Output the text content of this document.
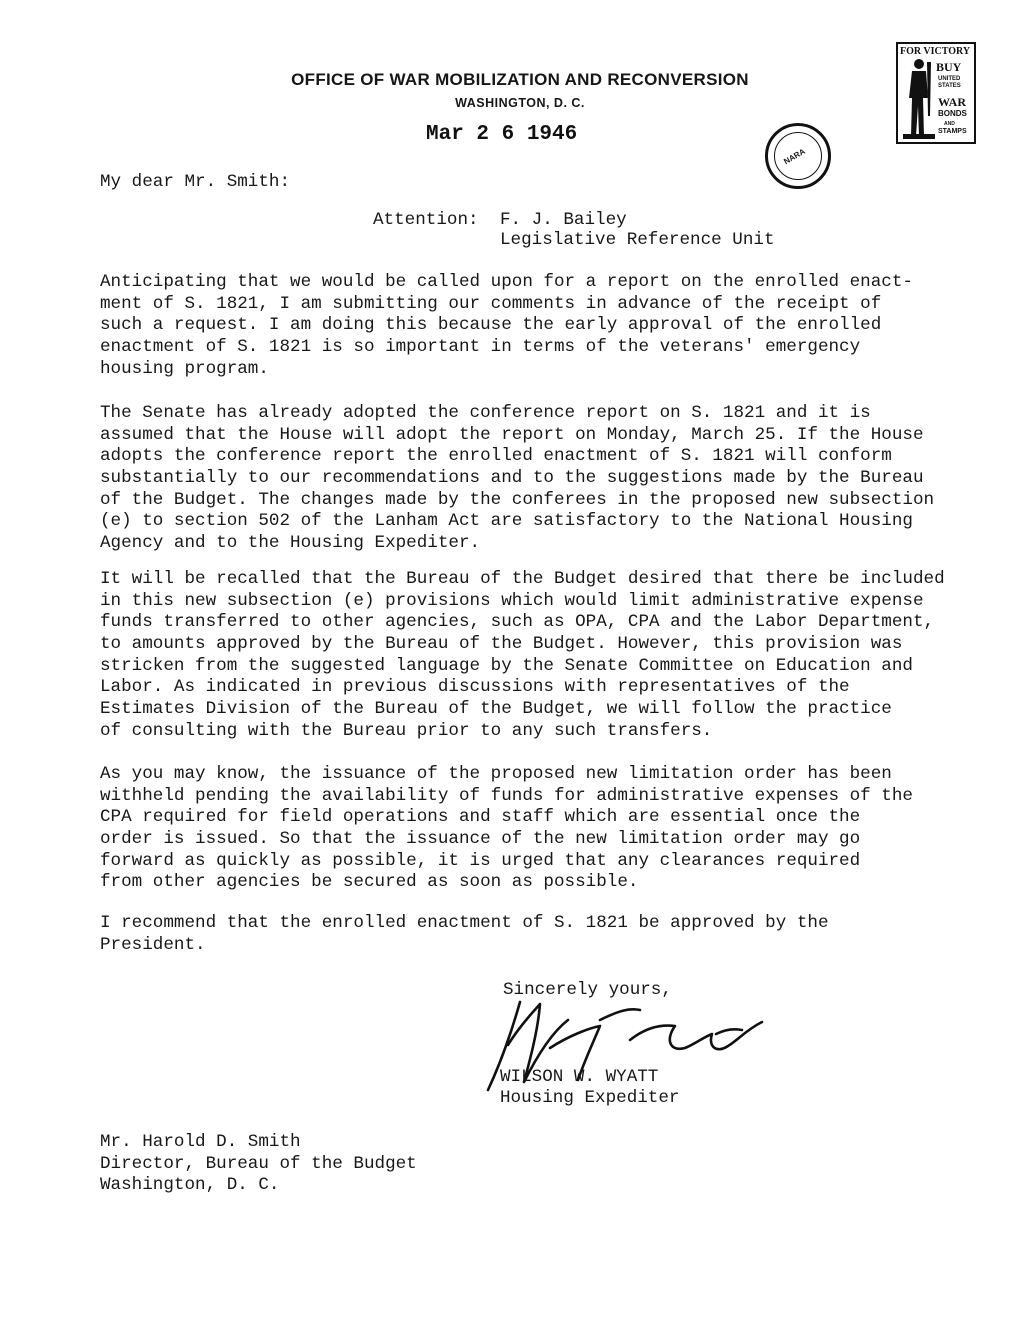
OFFICE OF WAR MOBILIZATION AND RECONVERSION
WASHINGTON, D. C.
Mar 2 6 1946
FOR VICTORY
BUY
UNITED STATES
WAR
BONDS
AND
STAMPS
NARA
My dear Mr. Smith:
Attention: F. J. Bailey
Legislative Reference Unit
Anticipating that we would be called upon for a report on the enrolled enact-
ment of S. 1821, I am submitting our comments in advance of the receipt of
such a request. I am doing this because the early approval of the enrolled
enactment of S. 1821 is so important in terms of the veterans' emergency
housing program.
The Senate has already adopted the conference report on S. 1821 and it is
assumed that the House will adopt the report on Monday, March 25. If the House
adopts the conference report the enrolled enactment of S. 1821 will conform
substantially to our recommendations and to the suggestions made by the Bureau
of the Budget. The changes made by the conferees in the proposed new subsection
(e) to section 502 of the Lanham Act are satisfactory to the National Housing
Agency and to the Housing Expediter.
It will be recalled that the Bureau of the Budget desired that there be included
in this new subsection (e) provisions which would limit administrative expense
funds transferred to other agencies, such as OPA, CPA and the Labor Department,
to amounts approved by the Bureau of the Budget. However, this provision was
stricken from the suggested language by the Senate Committee on Education and
Labor. As indicated in previous discussions with representatives of the
Estimates Division of the Bureau of the Budget, we will follow the practice
of consulting with the Bureau prior to any such transfers.
As you may know, the issuance of the proposed new limitation order has been
withheld pending the availability of funds for administrative expenses of the
CPA required for field operations and staff which are essential once the
order is issued. So that the issuance of the new limitation order may go
forward as quickly as possible, it is urged that any clearances required
from other agencies be secured as soon as possible.
I recommend that the enrolled enactment of S. 1821 be approved by the
President.
Sincerely yours,
WILSON W. WYATT
Housing Expediter
Mr. Harold D. Smith
Director, Bureau of the Budget
Washington, D. C.
